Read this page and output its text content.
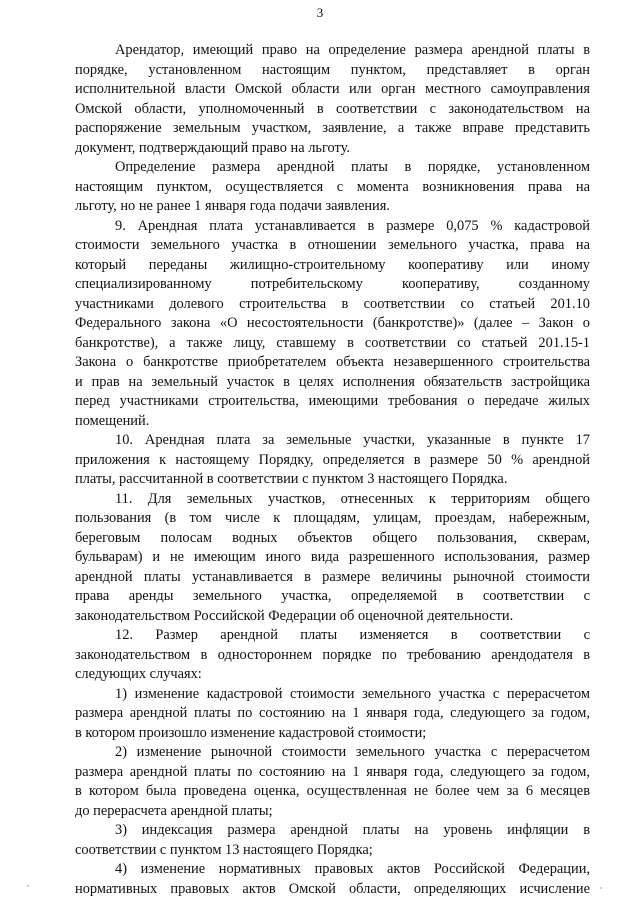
3

Арендатор, имеющий право на определение размера арендной платы в
порядке, установленном настоящим пунктом, представляет в орган
исполнительной власти Омской области или орган местного самоуправления
Омской области, уполномоченный в соответствии с законодательством на
распоряжение земельным участком, заявление, а также вправе представить
документ, подтверждающий право на льготу.

Определение размера арендной платы в порядке, установленном
настоящим пунктом, осуществляется с момента возникновения права на
льготу, но не ранее 1 января года подачи заявления.

9. Арендная плата устанавливается в размере 0,075 % кадастровой
стоимости земельного участка в отношении земельного участка, права на
который переданы жилищно-строительному кооперативу или иному
специализированному потребительскому кооперативу, созданному
участниками долевого строительства в соответствии со статьей 201.10
Федерального закона «О несостоятельности (банкротстве)» (далее – Закон о
банкротстве), а также лицу, ставшему в соответствии со статьей 201.15-1
Закона о банкротстве приобретателем объекта незавершенного строительства
и прав на земельный участок в целях исполнения обязательств застройщика
перед участниками строительства, имеющими требования о передаче жилых
помещений.

10. Арендная плата за земельные участки, указанные в пункте 17
приложения к настоящему Порядку, определяется в размере 50 % арендной
платы, рассчитанной в соответствии с пунктом 3 настоящего Порядка.

11. Для земельных участков, отнесенных к территориям общего
пользования (в том числе к площадям, улицам, проездам, набережным,
береговым полосам водных объектов общего пользования, скверам,
бульварам) и не имеющим иного вида разрешенного использования, размер
арендной платы устанавливается в размере величины рыночной стоимости
права аренды земельного участка, определяемой в соответствии с
законодательством Российской Федерации об оценочной деятельности.

12. Размер арендной платы изменяется в соответствии с
законодательством в одностороннем порядке по требованию арендодателя в
следующих случаях:

1) изменение кадастровой стоимости земельного участка с перерасчетом
размера арендной платы по состоянию на 1 января года, следующего за годом,
в котором произошло изменение кадастровой стоимости;

2) изменение рыночной стоимости земельного участка с перерасчетом
размера арендной платы по состоянию на 1 января года, следующего за годом,
в котором была проведена оценка, осуществленная не более чем за 6 месяцев
до перерасчета арендной платы;

3) индексация размера арендной платы на уровень инфляции в
соответствии с пунктом 13 настоящего Порядка;

4) изменение нормативных правовых актов Российской Федерации,
нормативных правовых актов Омской области, определяющих исчисление
